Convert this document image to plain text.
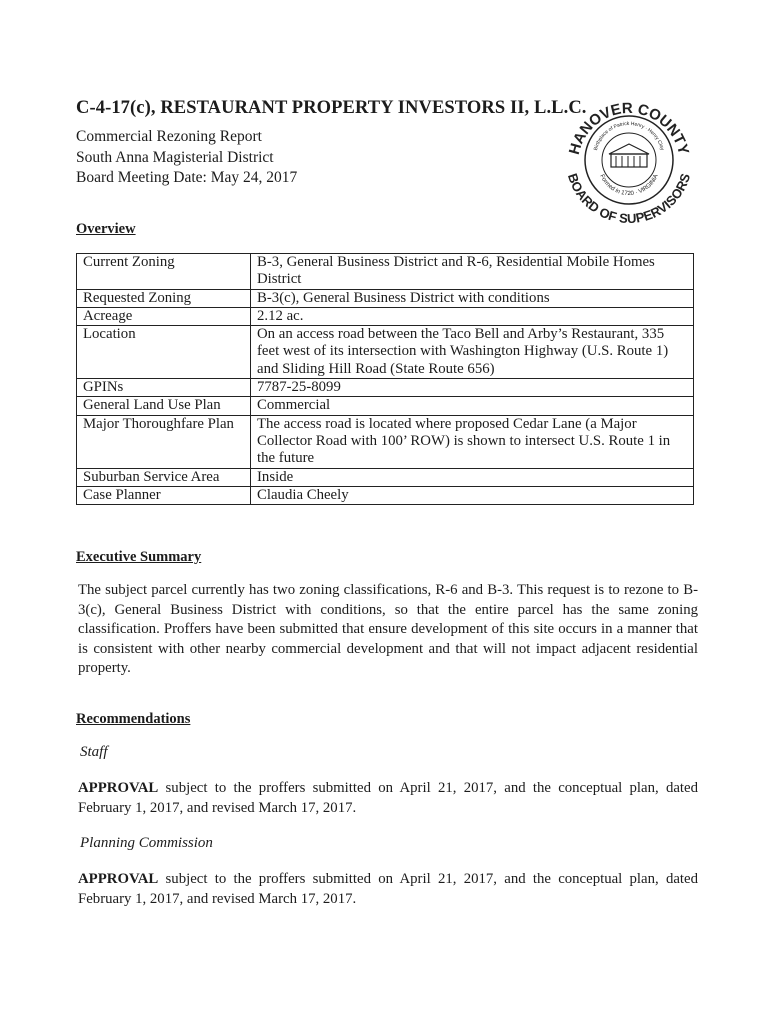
C-4-17(c), RESTAURANT PROPERTY INVESTORS II, L.L.C.
Commercial Rezoning Report
South Anna Magisterial District
Board Meeting Date: May 24, 2017
HANOVER COUNTY
BOARD OF SUPERVISORS
Birthplace of Patrick Henry · Henry Clay
Formed in 1720 · VIRGINIA
Overview
Current Zoning	B-3, General Business District and R-6, Residential Mobile Homes District
Requested Zoning	B-3(c), General Business District with conditions
Acreage	2.12 ac.
Location	On an access road between the Taco Bell and Arby’s Restaurant, 335 feet west of its intersection with Washington Highway (U.S. Route 1) and Sliding Hill Road (State Route 656)
GPINs	7787-25-8099
General Land Use Plan	Commercial
Major Thoroughfare Plan	The access road is located where proposed Cedar Lane (a Major Collector Road with 100’ ROW) is shown to intersect U.S. Route 1 in the future
Suburban Service Area	Inside
Case Planner	Claudia Cheely
Executive Summary

The subject parcel currently has two zoning classifications, R-6 and B-3. This request is to rezone to B-3(c), General Business District with conditions, so that the entire parcel has the same zoning classification. Proffers have been submitted that ensure development of this site occurs in a manner that is consistent with other nearby commercial development and that will not impact adjacent residential property.

Recommendations

Staff

APPROVAL subject to the proffers submitted on April 21, 2017, and the conceptual plan, dated February 1, 2017, and revised March 17, 2017.

Planning Commission

APPROVAL subject to the proffers submitted on April 21, 2017, and the conceptual plan, dated February 1, 2017, and revised March 17, 2017.
